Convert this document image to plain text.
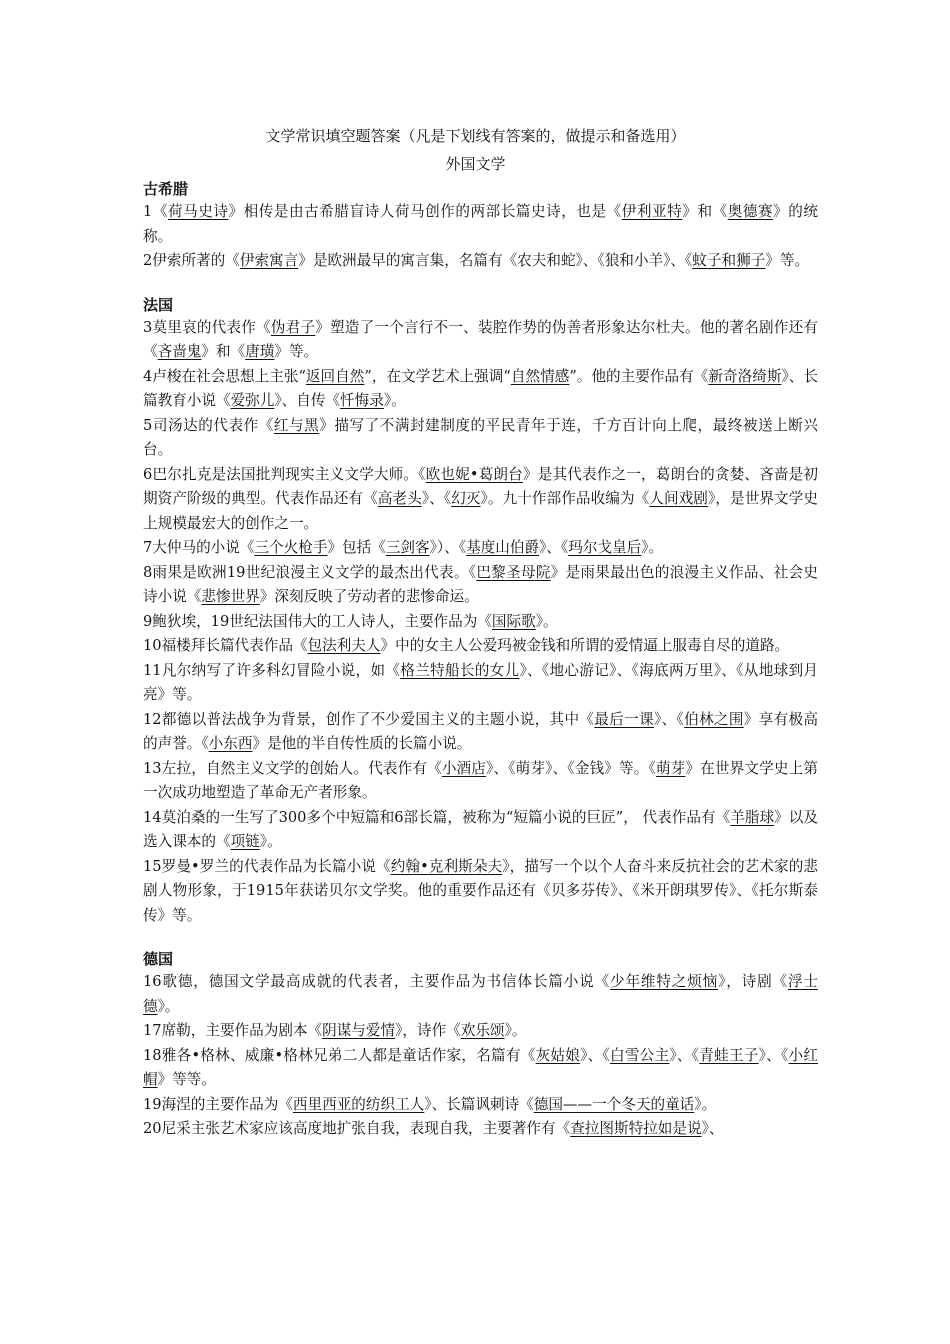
文学常识填空题答案（凡是下划线有答案的，做提示和备选用）
外国文学
古希腊
1《荷马史诗》相传是由古希腊盲诗人荷马创作的两部长篇史诗，也是《伊利亚特》和《奥德赛》的统称。
2伊索所著的《伊索寓言》是欧洲最早的寓言集，名篇有《农夫和蛇》、《狼和小羊》、《蚊子和狮子》等。
法国
3莫里哀的代表作《伪君子》塑造了一个言行不一、装腔作势的伪善者形象达尔杜夫。他的著名剧作还有《吝啬鬼》和《唐璜》等。
4卢梭在社会思想上主张“返回自然”，在文学艺术上强调“自然情感”。他的主要作品有《新奇洛绮斯》、长篇教育小说《爱弥儿》、自传《忏悔录》。
5司汤达的代表作《红与黑》描写了不满封建制度的平民青年于连，千方百计向上爬，最终被送上断兴台。
6巴尔扎克是法国批判现实主义文学大师。《欧也妮•葛朗台》是其代表作之一，葛朗台的贪婪、吝啬是初期资产阶级的典型。代表作品还有《高老头》、《幻灭》。九十作部作品收编为《人间戏剧》，是世界文学史上规模最宏大的创作之一。
7大仲马的小说《三个火枪手》包括《三剑客》）、《基度山伯爵》、《玛尔戈皇后》。
8雨果是欧洲19世纪浪漫主义文学的最杰出代表。《巴黎圣母院》是雨果最出色的浪漫主义作品、社会史诗小说《悲惨世界》深刻反映了劳动者的悲惨命运。
9鲍狄埃，19世纪法国伟大的工人诗人，主要作品为《国际歌》。
10福楼拜长篇代表作品《包法利夫人》中的女主人公爱玛被金钱和所谓的爱情逼上服毒自尽的道路。
11凡尔纳写了许多科幻冒险小说，如《格兰特船长的女儿》、《地心游记》、《海底两万里》、《从地球到月亮》等。
12都德以普法战争为背景，创作了不少爱国主义的主题小说，其中《最后一课》、《伯林之围》享有极高的声誉。《小东西》是他的半自传性质的长篇小说。
13左拉，自然主义文学的创始人。代表作有《小酒店》、《萌芽》、《金钱》等。《萌芽》在世界文学史上第一次成功地塑造了革命无产者形象。
14莫泊桑的一生写了300多个中短篇和6部长篇，被称为“短篇小说的巨匠”， 代表作品有《羊脂球》以及选入课本的《项链》。
15罗曼•罗兰的代表作品为长篇小说《约翰•克利斯朵夫》，描写一个以个人奋斗来反抗社会的艺术家的悲剧人物形象，于1915年获诺贝尔文学奖。他的重要作品还有《贝多芬传》、《米开朗琪罗传》、《托尔斯泰传》等。
德国
16歌德，德国文学最高成就的代表者，主要作品为书信体长篇小说《少年维特之烦恼》，诗剧《浮士德》。
17席勒，主要作品为剧本《阴谋与爱情》，诗作《欢乐颂》。
18雅各•格林、威廉•格林兄弟二人都是童话作家，名篇有《灰姑娘》、《白雪公主》、《青蛙王子》、《小红帽》等等。
19海涅的主要作品为《西里西亚的纺织工人》、长篇讽刺诗《德国——一个冬天的童话》。
20尼采主张艺术家应该高度地扩张自我，表现自我，主要著作有《查拉图斯特拉如是说》、
